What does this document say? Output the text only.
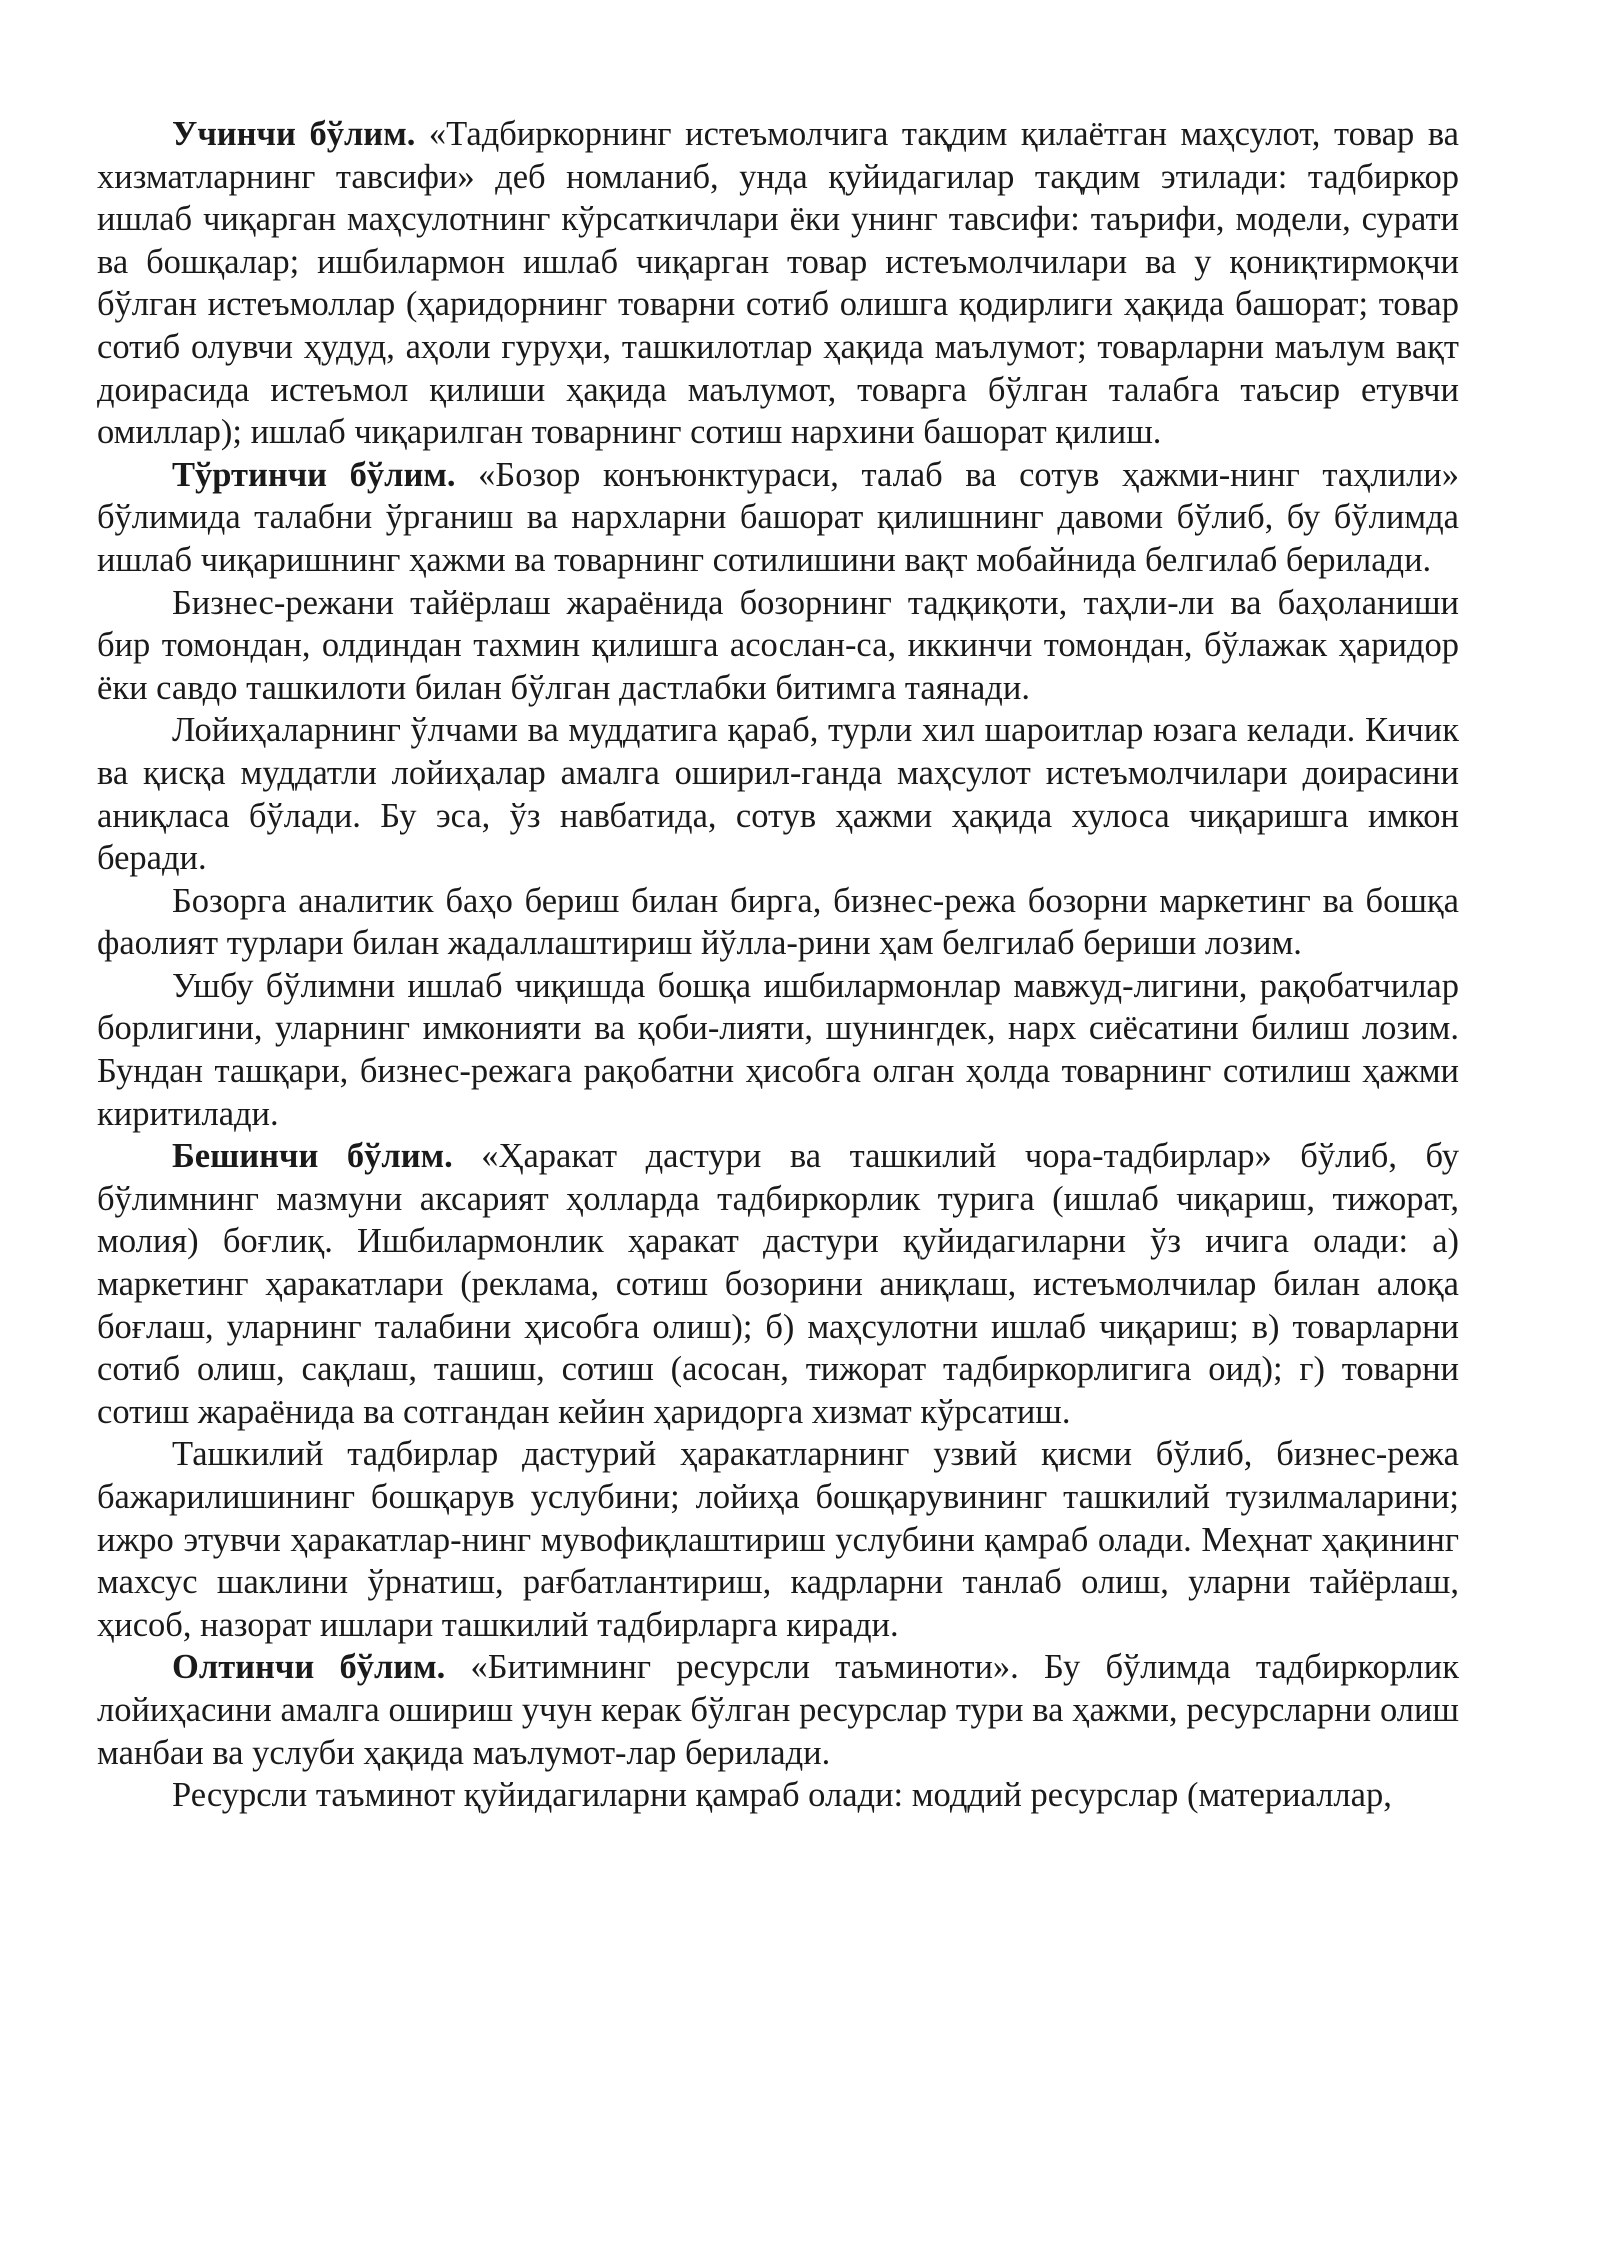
Учинчи бўлим. «Тадбиркорнинг истеъмолчига тақдим қилаётган маҳсулот, товар ва хизматларнинг тавсифи» деб номланиб, унда қуйидагилар тақдим этилади: тадбиркор ишлаб чиқарган маҳсулотнинг кўрсаткичлари ёки унинг тавсифи: таърифи, модели, сурати ва бошқалар; ишбилармон ишлаб чиқарган товар истеъмолчилари ва у қониқтирмоқчи бўлган истеъмоллар (ҳаридорнинг товарни сотиб олишга қодирлиги ҳақида башорат; товар сотиб олувчи ҳудуд, аҳоли гуруҳи, ташкилотлар ҳақида маълумот; товарларни маълум вақт доирасида истеъмол қилиши ҳақида маълумот, товарга бўлган талабга таъсир етувчи омиллар); ишлаб чиқарилган товарнинг сотиш нархини башорат қилиш.

Тўртинчи бўлим. «Бозор конъюнктураси, талаб ва сотув ҳажми-нинг таҳлили» бўлимида талабни ўрганиш ва нархларни башорат қилишнинг давоми бўлиб, бу бўлимда ишлаб чиқаришнинг ҳажми ва товарнинг сотилишини вақт мобайнида белгилаб берилади.

Бизнес-режани тайёрлаш жараёнида бозорнинг тадқиқоти, таҳли-ли ва баҳоланиши бир томондан, олдиндан тахмин қилишга асослан-са, иккинчи томондан, бўлажак ҳаридор ёки савдо ташкилоти билан бўлган дастлабки битимга таянади.

Лойиҳаларнинг ўлчами ва муддатига қараб, турли хил шароитлар юзага келади. Кичик ва қисқа муддатли лойиҳалар амалга оширил-ганда маҳсулот истеъмолчилари доирасини аниқласа бўлади. Бу эса, ўз навбатида, сотув ҳажми ҳақида хулоса чиқаришга имкон беради.

Бозорга аналитик баҳо бериш билан бирга, бизнес-режа бозорни маркетинг ва бошқа фаолият турлари билан жадаллаштириш йўлла-рини ҳам белгилаб бериши лозим.

Ушбу бўлимни ишлаб чиқишда бошқа ишбилармонлар мавжуд-лигини, рақобатчилар борлигини, уларнинг имконияти ва қоби-лияти, шунингдек, нарх сиёсатини билиш лозим. Бундан ташқари, бизнес-режага рақобатни ҳисобга олган ҳолда товарнинг сотилиш ҳажми киритилади.

Бешинчи бўлим. «Ҳаракат дастури ва ташкилий чора-тадбирлар» бўлиб, бу бўлимнинг мазмуни аксарият ҳолларда тадбиркорлик турига (ишлаб чиқариш, тижорат, молия) боғлиқ. Ишбилармонлик ҳаракат дастури қуйидагиларни ўз ичига олади: а) маркетинг ҳаракатлари (реклама, сотиш бозорини аниқлаш, истеъмолчилар билан алоқа боғлаш, уларнинг талабини ҳисобга олиш); б) маҳсулотни ишлаб чиқариш; в) товарларни сотиб олиш, сақлаш, ташиш, сотиш (асосан, тижорат тадбиркорлигига оид); г) товарни сотиш жараёнида ва сотгандан кейин ҳаридорга хизмат кўрсатиш.

Ташкилий тадбирлар дастурий ҳаракатларнинг узвий қисми бўлиб, бизнес-режа бажарилишининг бошқарув услубини; лойиҳа бошқарувининг ташкилий тузилмаларини; ижро этувчи ҳаракатлар-нинг мувофиқлаштириш услубини қамраб олади. Меҳнат ҳақининг махсус шаклини ўрнатиш, рағбатлантириш, кадрларни танлаб олиш, уларни тайёрлаш, ҳисоб, назорат ишлари ташкилий тадбирларга киради.

Олтинчи бўлим. «Битимнинг ресурсли таъминоти». Бу бўлимда тадбиркорлик лойиҳасини амалга ошириш учун керак бўлган ресурслар тури ва ҳажми, ресурсларни олиш манбаи ва услуби ҳақида маълумот-лар берилади.

Ресурсли таъминот қуйидагиларни қамраб олади: моддий ресурслар (материаллар,
